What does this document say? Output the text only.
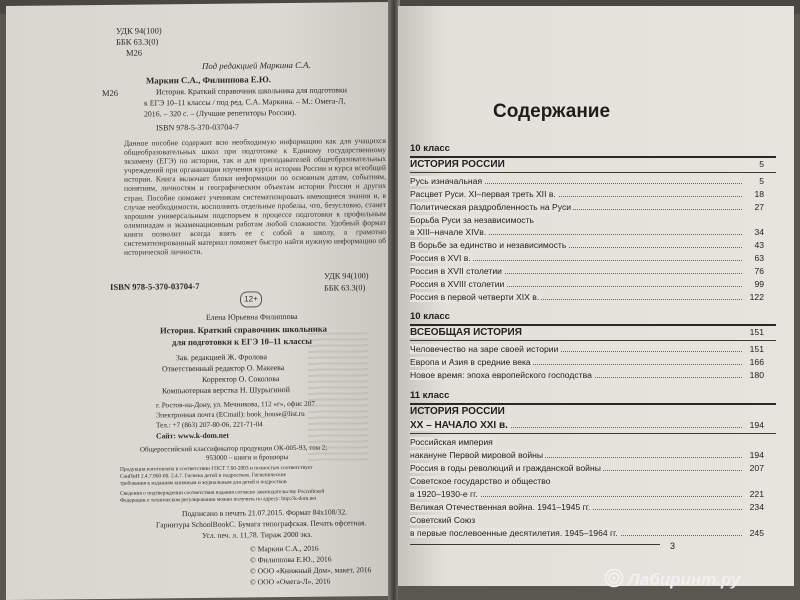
УДК 94(100)
ББК 63.3(0)
М26
Под редакцией Маркина С.А.
М26
Маркин С.А., Филиппова Е.Ю.
История. Краткий справочник школьника для подготовки
к ЕГЭ 10–11 классы / под ред. С.А. Маркина. – М.: Омега-Л,
2016. – 320 с. – (Лучшие репетиторы России).
ISBN 978-5-370-03704-7
Данное пособие содержит всю необходимую информацию как для учащихся общеобразовательных школ при подготовке к Единому государственному экзамену (ЕГЭ) по истории, так и для преподавателей общеобразовательных учреждений при организации изучения курса истории России и курса всеобщей истории. Книга включает блоки информации по основным датам, событиям, понятиям, личностям и географическим объектам истории России и других стран. Пособие поможет ученикам систематизировать имеющиеся знания и, в случае необходимости, восполнить отдельные пробелы, что, безусловно, станет хорошим универсальным подспорьем в процессе подготовки к профильным олимпиадам и экзаменационным работам любой сложности. Удобный формат книги позволит всегда взять ее с собой в школу, а грамотно систематизированный материал поможет быстро найти нужную информацию об исторической личности.
ISBN 978-5-370-03704-7
УДК 94(100)
ББК 63.3(0)
12+
Елена Юрьевна Филиппова
История. Краткий справочник школьника
для подготовки к ЕГЭ 10–11 классы
Зав. редакцией Ж. Фролова
Ответственный редактор О. Макеева
Корректор О. Соколова
Компьютерная верстка Н. Шурыгиной
г. Ростов-на-Дону, ул. Мечникова, 112 «г», офис 207
Электронная почта (ECmail): book_house@list.ru
Тел.: +7 (863) 207-80-06, 221-71-04
Сайт: www.k-dom.net
Общероссийский классификатор продукции ОК-005-93, том 2;
953000 – книги и брошюры
Продукция изготовлена в соответствии ГОСТ 7.60-2003 и полностью соответствует
СанПиН 2.4.7.960-00. 2.4.7. Гигиена детей и подростков. Гигиенические
требования к изданиям книжным и журнальным для детей и подростков
Сведения о подтверждении соответствия издания согласно законодательству Российской
Федерации о техническом регулировании можно получить по адресу: http://k-dom.net
Подписано в печать 21.07.2015. Формат 84х108/32.
Гарнитура SchoolBookC. Бумага типографская. Печать офсетная.
Усл. печ. л. 11,78. Тираж 2000 экз.
© Маркин С.А., 2016
© Филиппова Е.Ю., 2016
© ООО «Книжный Дом», макет, 2016
© ООО «Омега-Л», 2016
Содержание
10 класс
ИСТОРИЯ РОССИИ	5
Русь изначальная	5
Расцвет Руси. XI–первая треть XII в.	18
Политическая раздробленность на Руси	27
Борьба Руси за независимость
в XIII–начале XIVв.	34
В борьбе за единство и независимость	43
Россия в XVI в.	63
Россия в XVII столетии	76
Россия в XVIII столетии	99
Россия в первой четверти XIX в.	122
10 класс
ВСЕОБЩАЯ ИСТОРИЯ	151
Человечество на заре своей истории	151
Европа и Азия в средние века	166
Новое время: эпоха европейского господства	180
11 класс
ИСТОРИЯ РОССИИ
XX – НАЧАЛО XXI в.	194
Российская империя
накануне Первой мировой войны	194
Россия в годы революций и гражданской войны	207
Советское государство и общество
в 1920–1930-е гг.	221
Великая Отечественная война. 1941–1945 гг.	234
Советский Союз
в первые послевоенные десятилетия. 1945–1964 гг.	245
3
Лабиринт.ру
